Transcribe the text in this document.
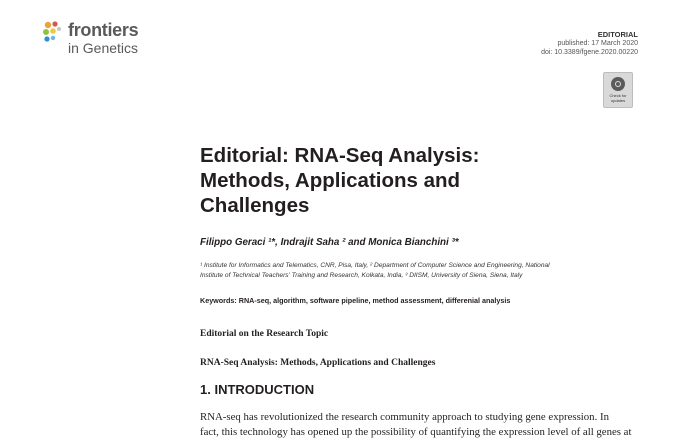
frontiers
in Genetics
EDITORIAL
published: 17 March 2020
doi: 10.3389/fgene.2020.00220
Check for
updates
Editorial: RNA-Seq Analysis:
Methods, Applications and
Challenges
Filippo Geraci ¹*, Indrajit Saha ² and Monica Bianchini ³*
¹ Institute for Informatics and Telematics, CNR, Pisa, Italy, ² Department of Computer Science and Engineering, National
Institute of Technical Teachers' Training and Research, Kolkata, India, ³ DIISM, University of Siena, Siena, Italy
Keywords: RNA-seq, algorithm, software pipeline, method assessment, differenial analysis
Editorial on the Research Topic
RNA-Seq Analysis: Methods, Applications and Challenges
1. INTRODUCTION
RNA-seq has revolutionized the research community approach to studying gene expression. In
fact, this technology has opened up the possibility of quantifying the expression level of all genes at
